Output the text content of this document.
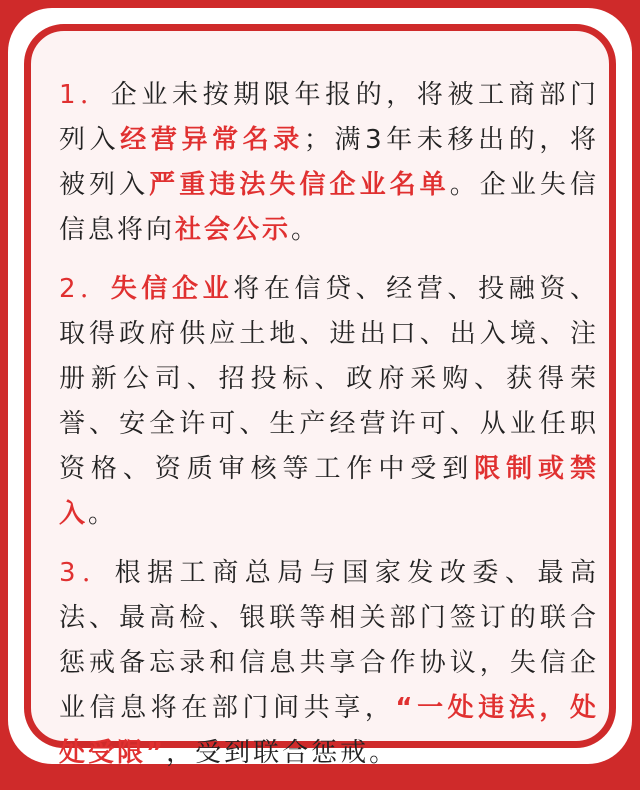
1．企业未按期限年报的，将被工商部门列入经营异常名录；满3年未移出的，将被列入严重违法失信企业名单。企业失信信息将向社会公示。

2．失信企业将在信贷、经营、投融资、取得政府供应土地、进出口、出入境、注册新公司、招投标、政府采购、获得荣誉、安全许可、生产经营许可、从业任职资格、资质审核等工作中受到限制或禁入。

3．根据工商总局与国家发改委、最高法、最高检、银联等相关部门签订的联合惩戒备忘录和信息共享合作协议，失信企业信息将在部门间共享，“一处违法，处处受限”，受到联合惩戒。
